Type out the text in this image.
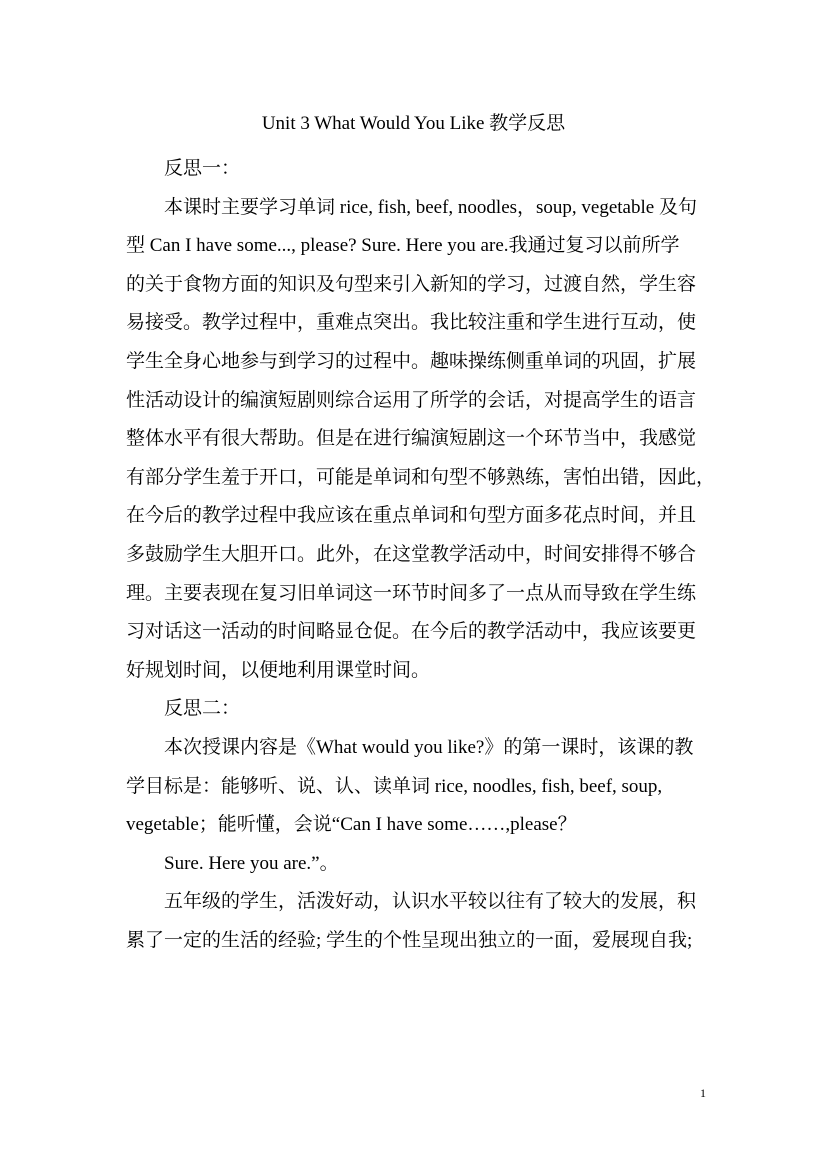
Unit 3 What Would You Like 教学反思
反思一：
本课时主要学习单词 rice, fish, beef, noodles，soup, vegetable 及句
型 Can I have some..., please? Sure. Here you are.我通过复习以前所学
的关于食物方面的知识及句型来引入新知的学习，过渡自然，学生容
易接受。教学过程中，重难点突出。我比较注重和学生进行互动，使
学生全身心地参与到学习的过程中。趣味操练侧重单词的巩固，扩展
性活动设计的编演短剧则综合运用了所学的会话，对提高学生的语言
整体水平有很大帮助。但是在进行编演短剧这一个环节当中，我感觉
有部分学生羞于开口，可能是单词和句型不够熟练，害怕出错，因此，
在今后的教学过程中我应该在重点单词和句型方面多花点时间，并且
多鼓励学生大胆开口。此外，在这堂教学活动中，时间安排得不够合
理。主要表现在复习旧单词这一环节时间多了一点从而导致在学生练
习对话这一活动的时间略显仓促。在今后的教学活动中，我应该要更
好规划时间，以便地利用课堂时间。
反思二：
本次授课内容是《What would you like?》的第一课时，该课的教
学目标是：能够听、说、认、读单词 rice, noodles, fish, beef, soup,
vegetable；能听懂，会说“Can I have some……,please？
Sure. Here you are.”。
五年级的学生，活泼好动，认识水平较以往有了较大的发展，积
累了一定的生活的经验; 学生的个性呈现出独立的一面，爱展现自我;
1
